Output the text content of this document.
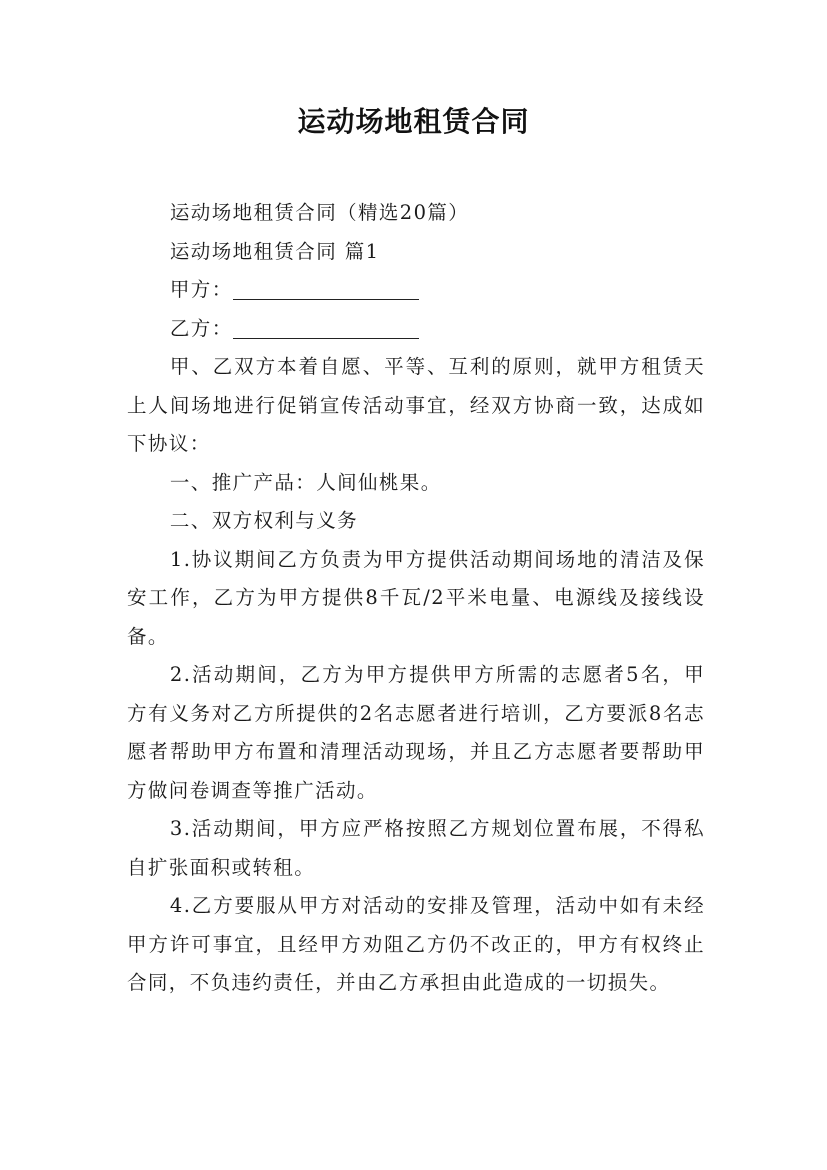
运动场地租赁合同

运动场地租赁合同（精选20篇）

运动场地租赁合同 篇1

甲方：

乙方：

甲、乙双方本着自愿、平等、互利的原则，就甲方租赁天上人间场地进行促销宣传活动事宜，经双方协商一致，达成如下协议：

一、推广产品：人间仙桃果。

二、双方权利与义务

1.协议期间乙方负责为甲方提供活动期间场地的清洁及保安工作，乙方为甲方提供8千瓦/2平米电量、电源线及接线设备。

2.活动期间，乙方为甲方提供甲方所需的志愿者5名，甲方有义务对乙方所提供的2名志愿者进行培训，乙方要派8名志愿者帮助甲方布置和清理活动现场，并且乙方志愿者要帮助甲方做问卷调查等推广活动。

3.活动期间，甲方应严格按照乙方规划位置布展，不得私自扩张面积或转租。

4.乙方要服从甲方对活动的安排及管理，活动中如有未经甲方许可事宜，且经甲方劝阻乙方仍不改正的，甲方有权终止合同，不负违约责任，并由乙方承担由此造成的一切损失。
